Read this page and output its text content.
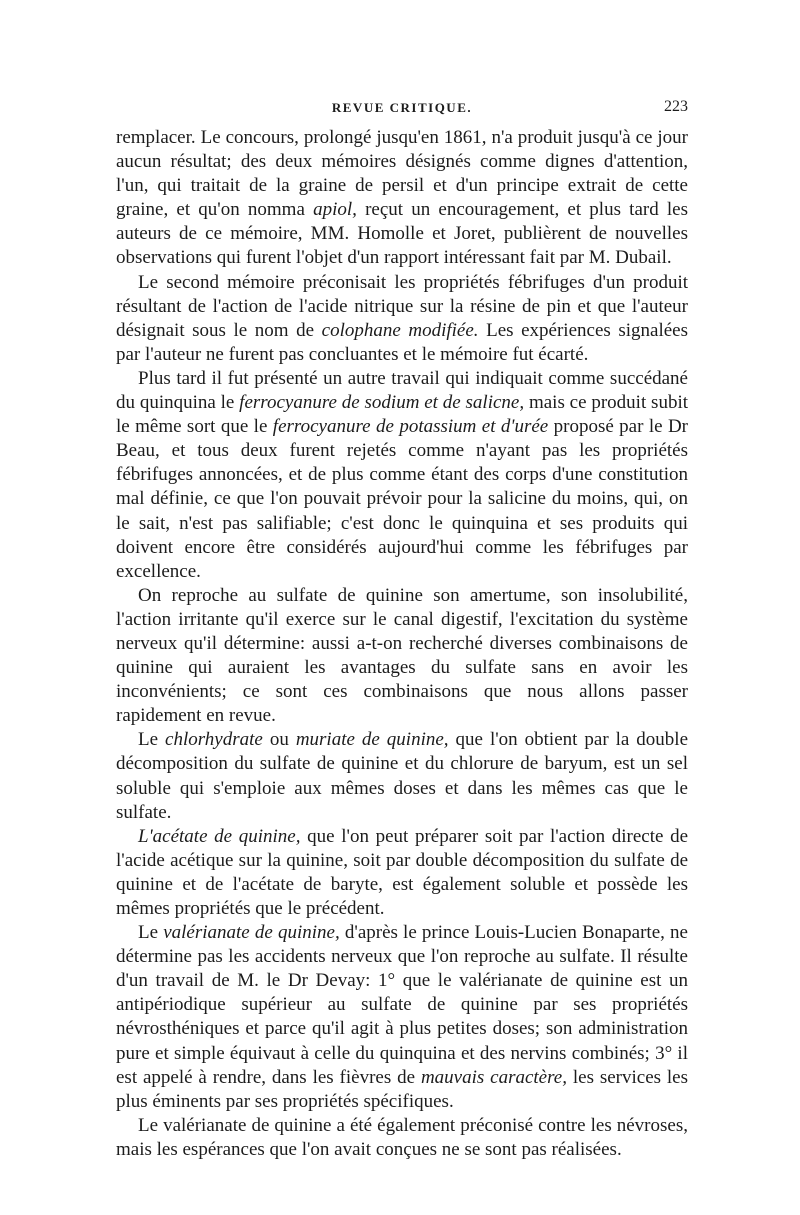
REVUE CRITIQUE.	223

remplacer. Le concours, prolongé jusqu'en 1861, n'a produit jusqu'à ce jour aucun résultat; des deux mémoires désignés comme dignes d'attention, l'un, qui traitait de la graine de persil et d'un principe extrait de cette graine, et qu'on nomma apiol, reçut un encouragement, et plus tard les auteurs de ce mémoire, MM. Homolle et Joret, publièrent de nouvelles observations qui furent l'objet d'un rapport intéressant fait par M. Dubail.

Le second mémoire préconisait les propriétés fébrifuges d'un produit résultant de l'action de l'acide nitrique sur la résine de pin et que l'auteur désignait sous le nom de colophane modifiée. Les expériences signalées par l'auteur ne furent pas concluantes et le mémoire fut écarté.

Plus tard il fut présenté un autre travail qui indiquait comme succédané du quinquina le ferrocyanure de sodium et de salicne, mais ce produit subit le même sort que le ferrocyanure de potassium et d'urée proposé par le Dr Beau, et tous deux furent rejetés comme n'ayant pas les propriétés fébrifuges annoncées, et de plus comme étant des corps d'une constitution mal définie, ce que l'on pouvait prévoir pour la salicine du moins, qui, on le sait, n'est pas salifiable; c'est donc le quinquina et ses produits qui doivent encore être considérés aujourd'hui comme les fébrifuges par excellence.

On reproche au sulfate de quinine son amertume, son insolubilité, l'action irritante qu'il exerce sur le canal digestif, l'excitation du système nerveux qu'il détermine: aussi a-t-on recherché diverses combinaisons de quinine qui auraient les avantages du sulfate sans en avoir les inconvénients; ce sont ces combinaisons que nous allons passer rapidement en revue.

Le chlorhydrate ou muriate de quinine, que l'on obtient par la double décomposition du sulfate de quinine et du chlorure de baryum, est un sel soluble qui s'emploie aux mêmes doses et dans les mêmes cas que le sulfate.

L'acétate de quinine, que l'on peut préparer soit par l'action directe de l'acide acétique sur la quinine, soit par double décomposition du sulfate de quinine et de l'acétate de baryte, est également soluble et possède les mêmes propriétés que le précédent.

Le valérianate de quinine, d'après le prince Louis-Lucien Bonaparte, ne détermine pas les accidents nerveux que l'on reproche au sulfate. Il résulte d'un travail de M. le Dr Devay: 1° que le valérianate de quinine est un antipériodique supérieur au sulfate de quinine par ses propriétés névrosthéniques et parce qu'il agit à plus petites doses; son administration pure et simple équivaut à celle du quinquina et des nervins combinés; 3° il est appelé à rendre, dans les fièvres de mauvais caractère, les services les plus éminents par ses propriétés spécifiques.

Le valérianate de quinine a été également préconisé contre les névroses, mais les espérances que l'on avait conçues ne se sont pas réalisées.
